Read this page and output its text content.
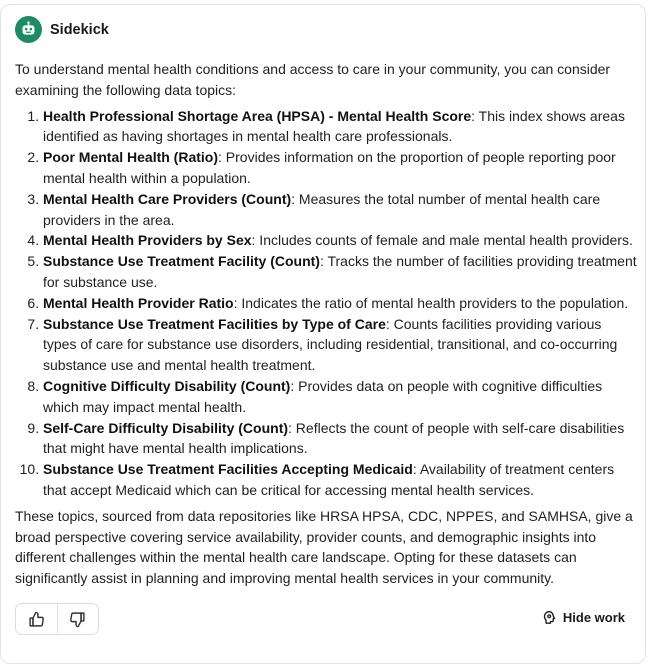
Sidekick

To understand mental health conditions and access to care in your community, you can consider examining the following data topics:

1. Health Professional Shortage Area (HPSA) - Mental Health Score: This index shows areas identified as having shortages in mental health care professionals.
2. Poor Mental Health (Ratio): Provides information on the proportion of people reporting poor mental health within a population.
3. Mental Health Care Providers (Count): Measures the total number of mental health care providers in the area.
4. Mental Health Providers by Sex: Includes counts of female and male mental health providers.
5. Substance Use Treatment Facility (Count): Tracks the number of facilities providing treatment for substance use.
6. Mental Health Provider Ratio: Indicates the ratio of mental health providers to the population.
7. Substance Use Treatment Facilities by Type of Care: Counts facilities providing various types of care for substance use disorders, including residential, transitional, and co-occurring substance use and mental health treatment.
8. Cognitive Difficulty Disability (Count): Provides data on people with cognitive difficulties which may impact mental health.
9. Self-Care Difficulty Disability (Count): Reflects the count of people with self-care disabilities that might have mental health implications.
10. Substance Use Treatment Facilities Accepting Medicaid: Availability of treatment centers that accept Medicaid which can be critical for accessing mental health services.

These topics, sourced from data repositories like HRSA HPSA, CDC, NPPES, and SAMHSA, give a broad perspective covering service availability, provider counts, and demographic insights into different challenges within the mental health care landscape. Opting for these datasets can significantly assist in planning and improving mental health services in your community.

Hide work
